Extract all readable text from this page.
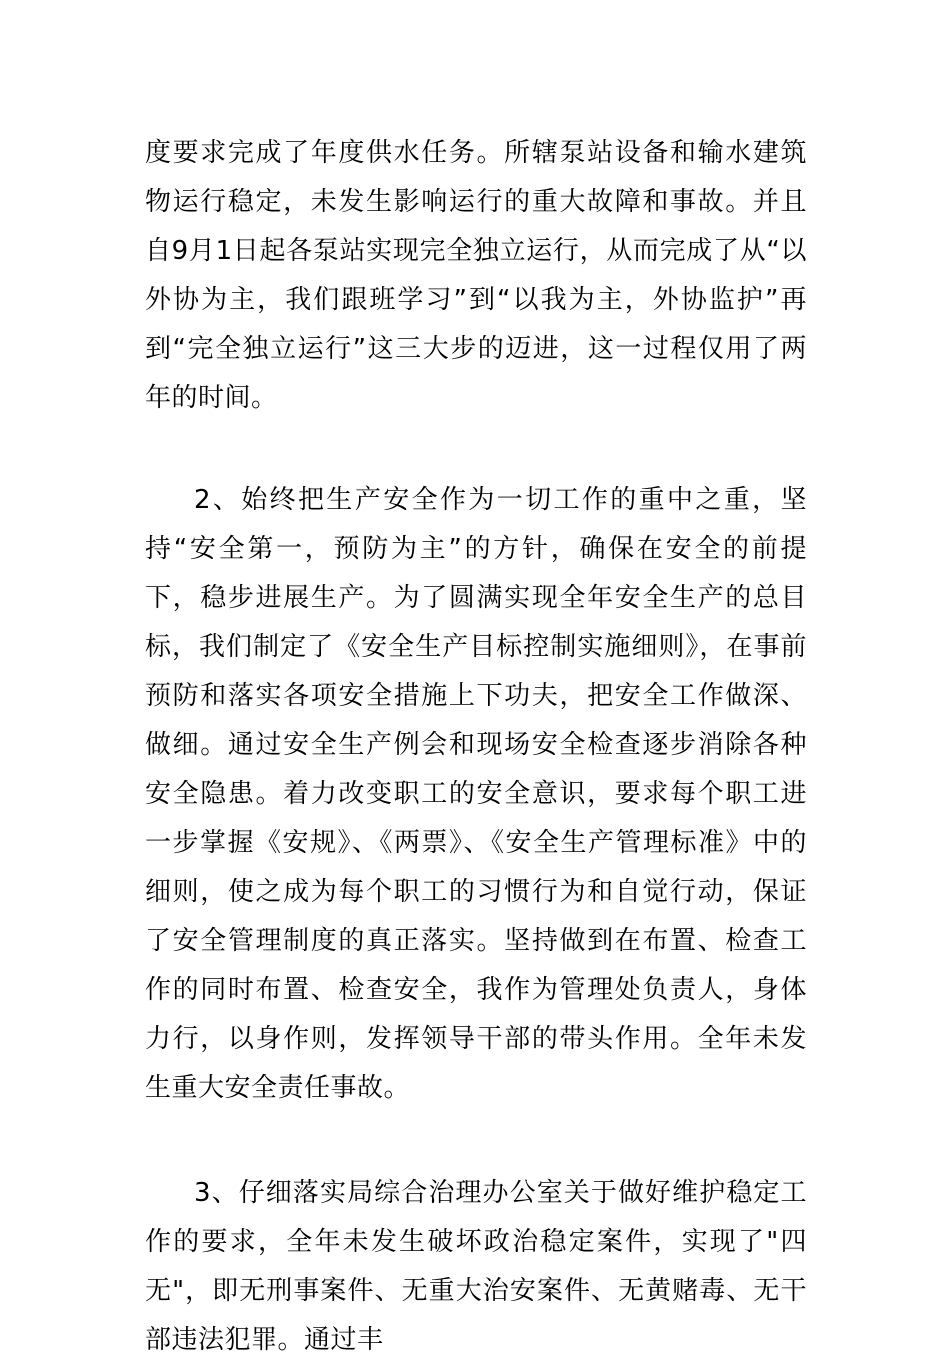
度要求完成了年度供水任务。所辖泵站设备和输水建筑物运行稳定，未发生影响运行的重大故障和事故。并且自9月1日起各泵站实现完全独立运行，从而完成了从“以外协为主，我们跟班学习”到“以我为主，外协监护”再到“完全独立运行”这三大步的迈进，这一过程仅用了两年的时间。

2、始终把生产安全作为一切工作的重中之重，坚持“安全第一，预防为主”的方针，确保在安全的前提下，稳步进展生产。为了圆满实现全年安全生产的总目标，我们制定了《安全生产目标控制实施细则》，在事前预防和落实各项安全措施上下功夫，把安全工作做深、做细。通过安全生产例会和现场安全检查逐步消除各种安全隐患。着力改变职工的安全意识，要求每个职工进一步掌握《安规》、《两票》、《安全生产管理标准》中的细则，使之成为每个职工的习惯行为和自觉行动，保证了安全管理制度的真正落实。坚持做到在布置、检查工作的同时布置、检查安全，我作为管理处负责人，身体力行，以身作则，发挥领导干部的带头作用。全年未发生重大安全责任事故。

3、仔细落实局综合治理办公室关于做好维护稳定工作的要求，全年未发生破坏政治稳定案件，实现了"四无"，即无刑事案件、无重大治安案件、无黄赌毒、无干部违法犯罪。通过丰
